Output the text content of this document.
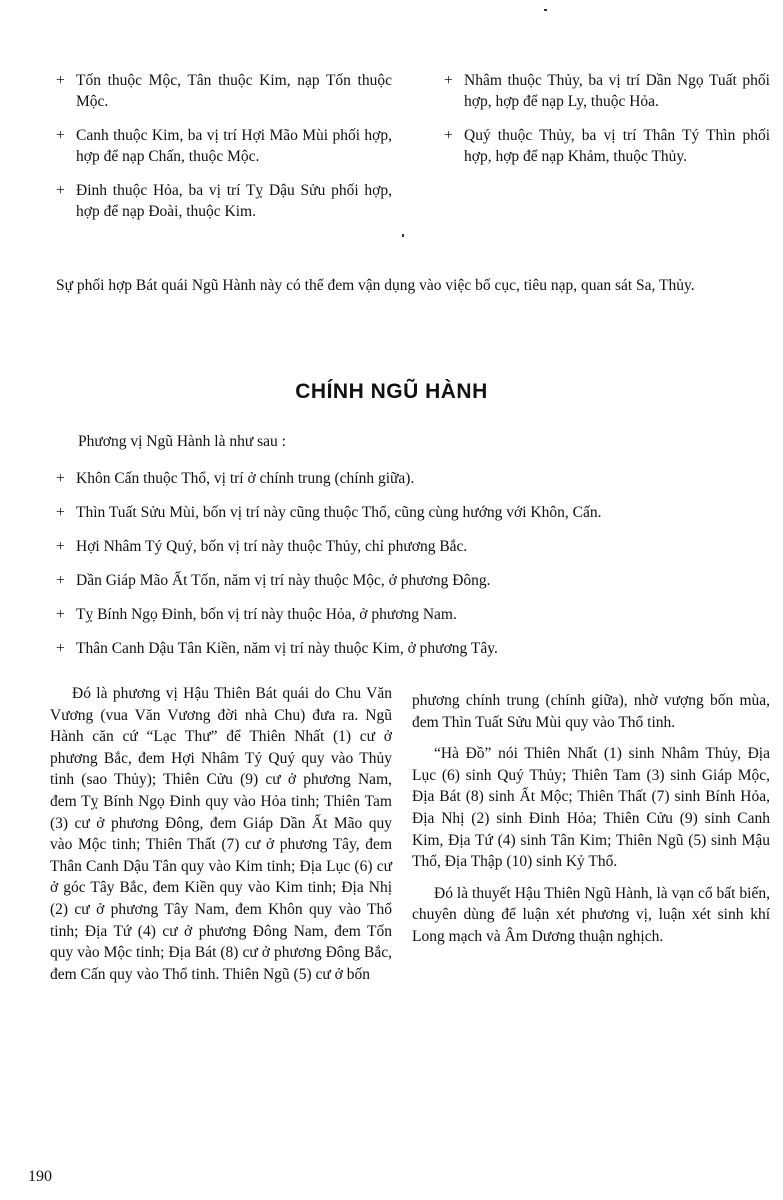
+ Tốn thuộc Mộc, Tân thuộc Kim, nạp Tốn thuộc Mộc.
+ Canh thuộc Kim, ba vị trí Hợi Mão Mùi phối hợp, hợp để nạp Chấn, thuộc Mộc.
+ Đinh thuộc Hỏa, ba vị trí Tỵ Dậu Sửu phối hợp, hợp để nạp Đoài, thuộc Kim.
+ Nhâm thuộc Thủy, ba vị trí Dần Ngọ Tuất phối hợp, hợp để nạp Ly, thuộc Hỏa.
+ Quý thuộc Thủy, ba vị trí Thân Tý Thìn phối hợp, hợp để nạp Khảm, thuộc Thủy.
Sự phối hợp Bát quái Ngũ Hành này có thể đem vận dụng vào việc bố cục, tiêu nạp, quan sát Sa, Thủy.
CHÍNH NGŨ HÀNH
Phương vị Ngũ Hành là như sau :
+ Khôn Cấn thuộc Thổ, vị trí ở chính trung (chính giữa).
+ Thìn Tuất Sửu Mùi, bốn vị trí này cũng thuộc Thổ, cũng cùng hướng với Khôn, Cấn.
+ Hợi Nhâm Tý Quý, bốn vị trí này thuộc Thủy, chỉ phương Bắc.
+ Dần Giáp Mão Ất Tốn, năm vị trí này thuộc Mộc, ở phương Đông.
+ Tỵ Bính Ngọ Đinh, bốn vị trí này thuộc Hỏa, ở phương Nam.
+ Thân Canh Dậu Tân Kiền, năm vị trí này thuộc Kim, ở phương Tây.

Đó là phương vị Hậu Thiên Bát quái do Chu Văn Vương (vua Văn Vương đời nhà Chu) đưa ra. Ngũ Hành căn cứ “Lạc Thư” để Thiên Nhất (1) cư ở phương Bắc, đem Hợi Nhâm Tý Quý quy vào Thủy tinh (sao Thủy); Thiên Cửu (9) cư ở phương Nam, đem Tỵ Bính Ngọ Đinh quy vào Hỏa tinh; Thiên Tam (3) cư ở phương Đông, đem Giáp Dần Ất Mão quy vào Mộc tinh; Thiên Thất (7) cư ở phương Tây, đem Thân Canh Dậu Tân quy vào Kim tinh; Địa Lục (6) cư ở góc Tây Bắc, đem Kiền quy vào Kim tinh; Địa Nhị (2) cư ở phương Tây Nam, đem Khôn quy vào Thổ tinh; Địa Tứ (4) cư ở phương Đông Nam, đem Tốn quy vào Mộc tinh; Địa Bát (8) cư ở phương Đông Bắc, đem Cấn quy vào Thổ tinh. Thiên Ngũ (5) cư ở bốn

phương chính trung (chính giữa), nhờ vượng bốn mùa, đem Thìn Tuất Sửu Mùi quy vào Thổ tinh.

“Hà Đồ” nói Thiên Nhất (1) sinh Nhâm Thủy, Địa Lục (6) sinh Quý Thủy; Thiên Tam (3) sinh Giáp Mộc, Địa Bát (8) sinh Ất Mộc; Thiên Thất (7) sinh Bính Hỏa, Địa Nhị (2) sinh Đinh Hỏa; Thiên Cửu (9) sinh Canh Kim, Địa Tứ (4) sinh Tân Kim; Thiên Ngũ (5) sinh Mậu Thổ, Địa Thập (10) sinh Kỷ Thổ.

Đó là thuyết Hậu Thiên Ngũ Hành, là vạn cổ bất biến, chuyên dùng để luận xét phương vị, luận xét sinh khí Long mạch và Âm Dương thuận nghịch.

190
